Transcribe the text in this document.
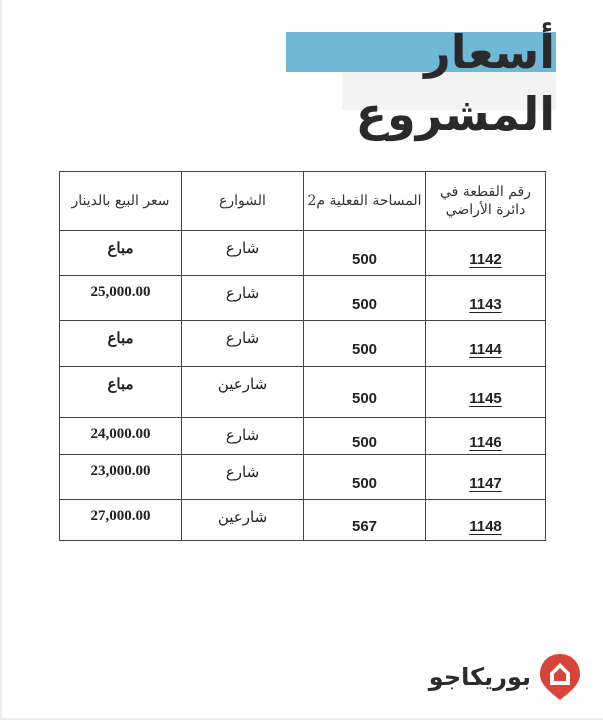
أسعار
المشروع
رقم القطعة في دائرة الأراضي	المساحة الفعلية م2	الشوارع	سعر البيع بالدينار
1142	500	شارع	مباع
1143	500	شارع	25,000.00
1144	500	شارع	مباع
1145	500	شارعين	مباع
1146	500	شارع	24,000.00
1147	500	شارع	23,000.00
1148	567	شارعين	27,000.00
بوريكاجو
